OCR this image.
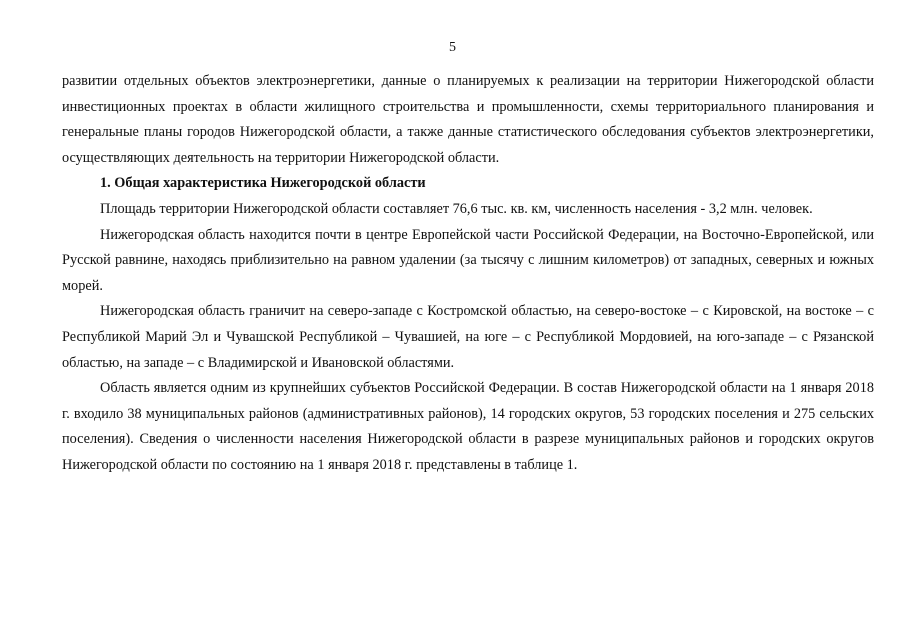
5

развитии отдельных объектов электроэнергетики, данные о планируемых к реализации на территории Нижегородской области инвестиционных проектах в области жилищного строительства и промышленности, схемы территориального планирования и генеральные планы городов Нижегородской области, а также данные статистического обследования субъектов электроэнергетики, осуществляющих деятельность на территории Нижегородской области.

1. Общая характеристика Нижегородской области

Площадь территории Нижегородской области составляет 76,6 тыс. кв. км, численность населения - 3,2 млн. человек.

Нижегородская область находится почти в центре Европейской части Российской Федерации, на Восточно-Европейской, или Русской равнине, находясь приблизительно на равном удалении (за тысячу с лишним километров) от западных, северных и южных морей.

Нижегородская область граничит на северо-западе с Костромской областью, на северо-востоке – с Кировской, на востоке – с Республикой Марий Эл и Чувашской Республикой – Чувашией, на юге – с Республикой Мордовией, на юго-западе – с Рязанской областью, на западе – с Владимирской и Ивановской областями.

Область является одним из крупнейших субъектов Российской Федерации. В состав Нижегородской области на 1 января 2018 г. входило 38 муниципальных районов (административных районов), 14 городских округов, 53 городских поселения и 275 сельских поселения). Сведения о численности населения Нижегородской области в разрезе муниципальных районов и городских округов Нижегородской области по состоянию на 1 января 2018 г. представлены в таблице 1.
